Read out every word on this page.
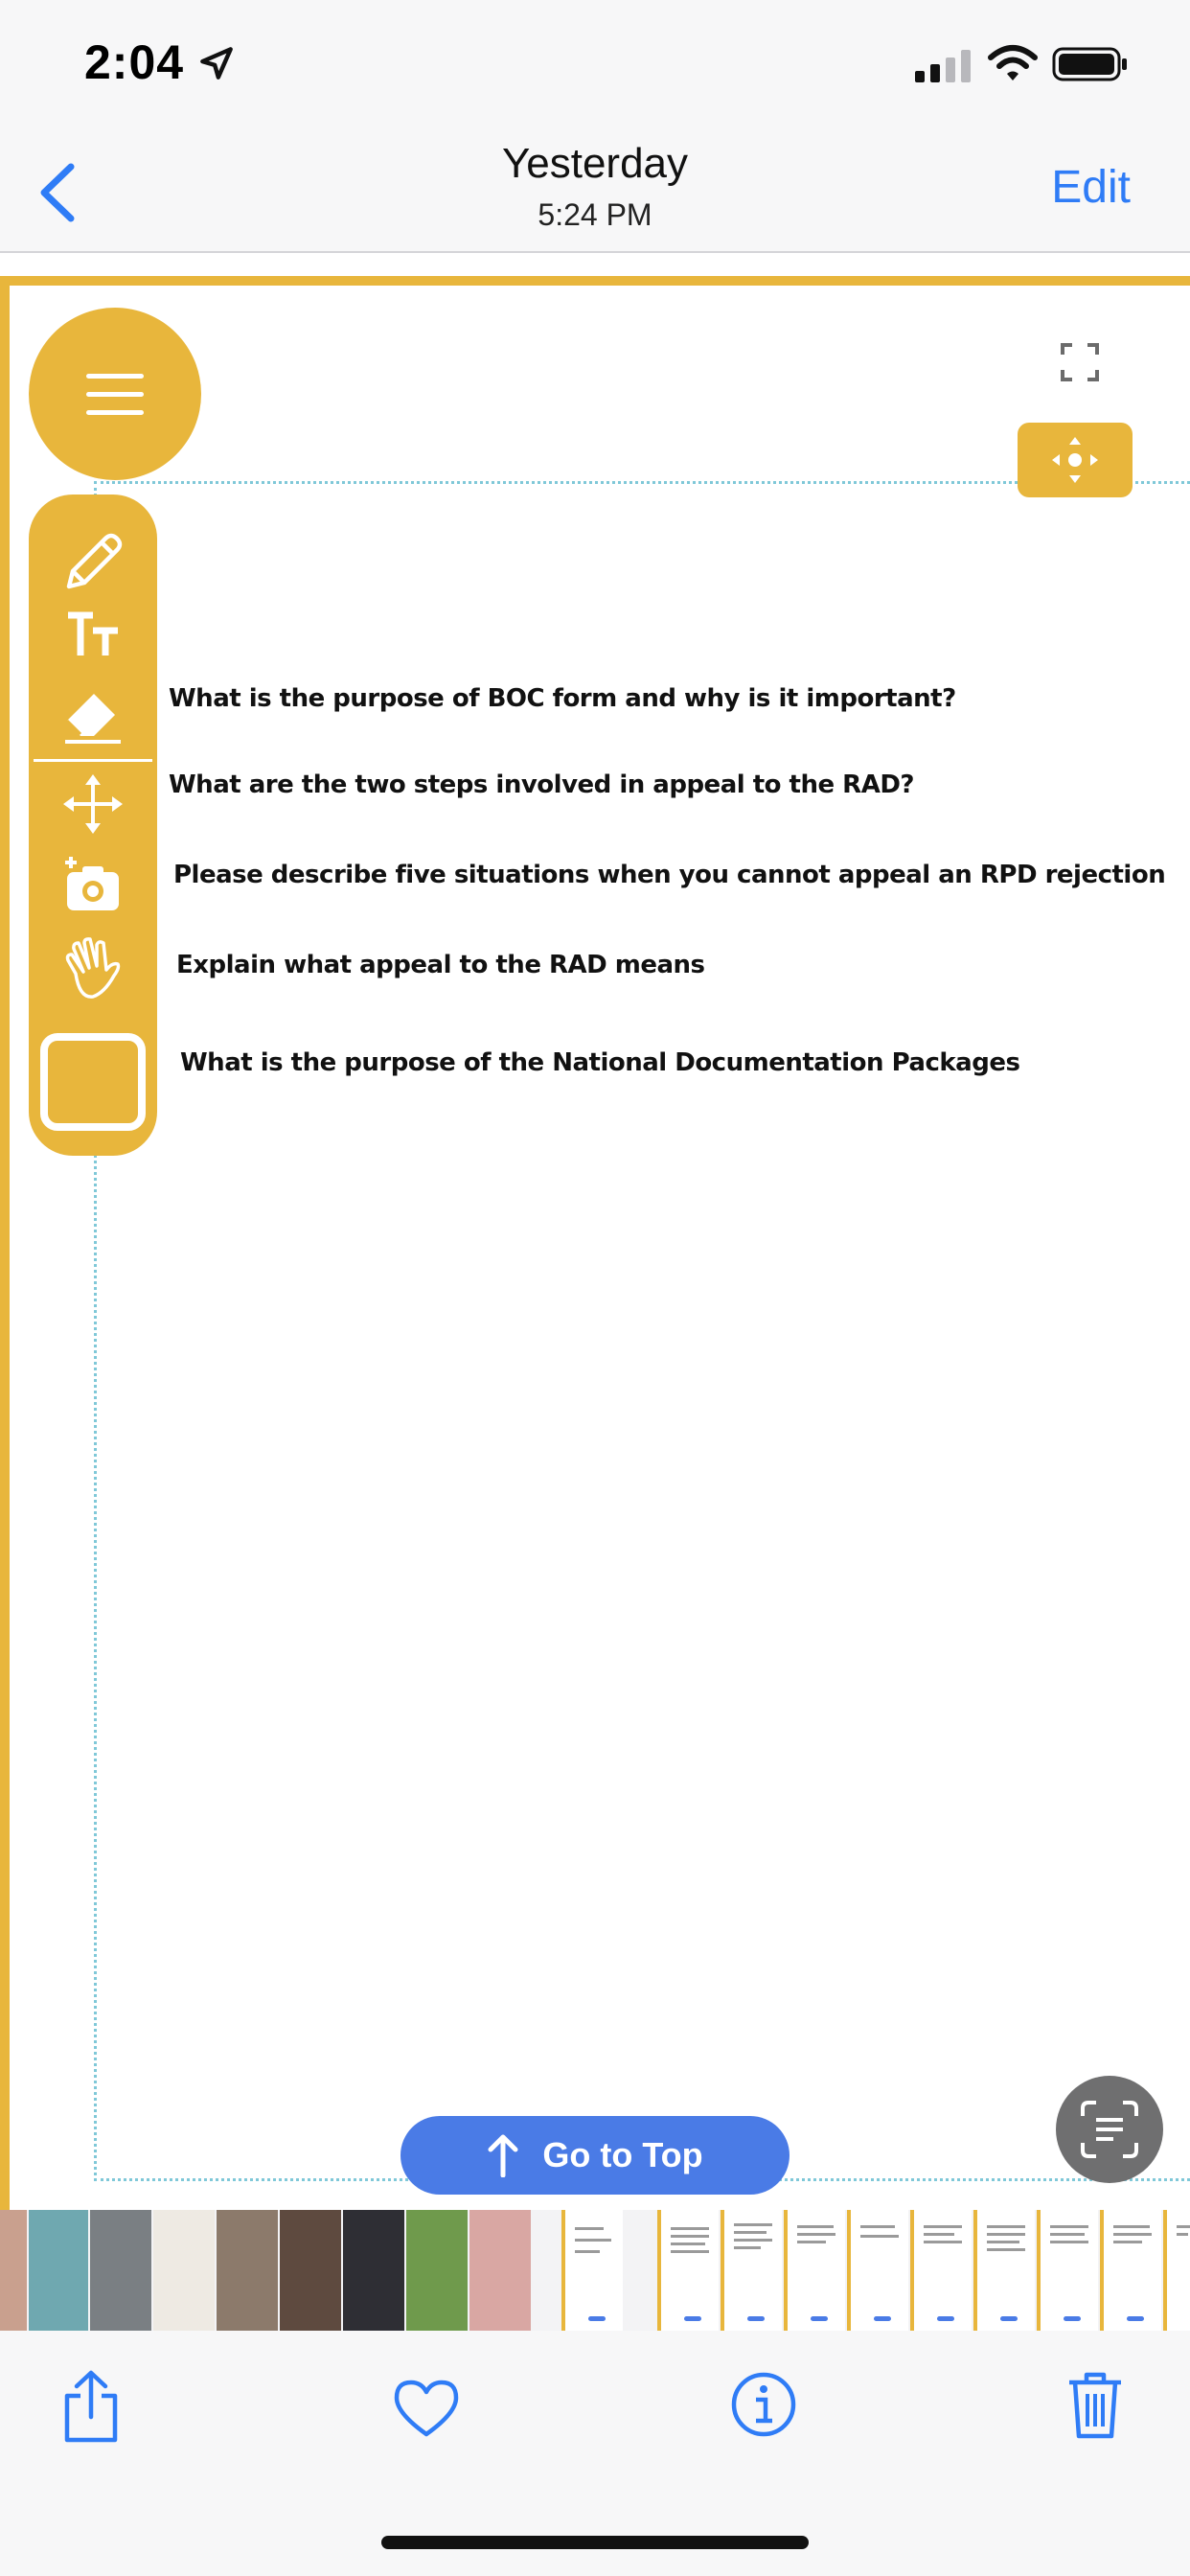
2:04
Yesterday
5:24 PM
Edit
What is the purpose of BOC form and why is it important?
What are the two steps involved in appeal to the RAD?
Please describe five situations when you cannot appeal an RPD rejection
Explain what appeal to the RAD means
What is the purpose of the National Documentation Packages
Go to Top
